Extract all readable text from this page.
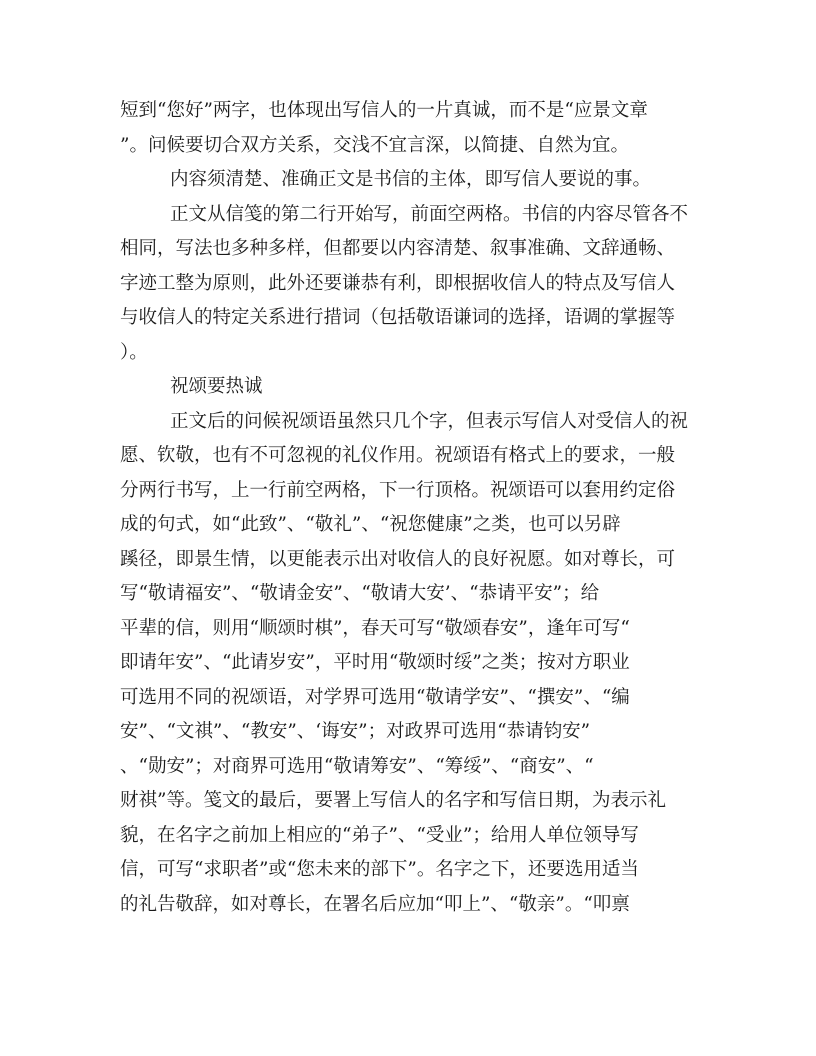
短到“您好”两字，也体现出写信人的一片真诚，而不是“应景文章
”。问候要切合双方关系，交浅不宜言深，以简捷、自然为宜。
内容须清楚、准确正文是书信的主体，即写信人要说的事。
正文从信笺的第二行开始写，前面空两格。书信的内容尽管各不
相同，写法也多种多样，但都要以内容清楚、叙事准确、文辞通畅、
字迹工整为原则，此外还要谦恭有利，即根据收信人的特点及写信人
与收信人的特定关系进行措词（包括敬语谦词的选择，语调的掌握等
）。
祝颂要热诚
正文后的问候祝颂语虽然只几个字，但表示写信人对受信人的祝
愿、钦敬，也有不可忽视的礼仪作用。祝颂语有格式上的要求，一般
分两行书写，上一行前空两格，下一行顶格。祝颂语可以套用约定俗
成的句式，如“此致”、“敬礼”、“祝您健康”之类，也可以另辟
蹊径，即景生情，以更能表示出对收信人的良好祝愿。如对尊长，可
写“敬请福安”、“敬请金安”、“敬请大安’、“恭请平安”；给
平辈的信，则用“顺颂时棋”，春天可写“敬颂春安”，逢年可写“
即请年安”、“此请岁安”，平时用“敬颂时绥”之类；按对方职业
可选用不同的祝颂语，对学界可选用“敬请学安”、“撰安”、“编
安”、“文祺”、“教安”、‘诲安”；对政界可选用“恭请钧安”
、“勋安”；对商界可选用“敬请筹安”、“筹绥”、“商安”、“
财祺”等。笺文的最后，要署上写信人的名字和写信日期，为表示礼
貌，在名字之前加上相应的“弟子”、“受业”；给用人单位领导写
信，可写“求职者”或“您未来的部下”。名字之下，还要选用适当
的礼告敬辞，如对尊长，在署名后应加“叩上”、“敬亲”。“叩禀
